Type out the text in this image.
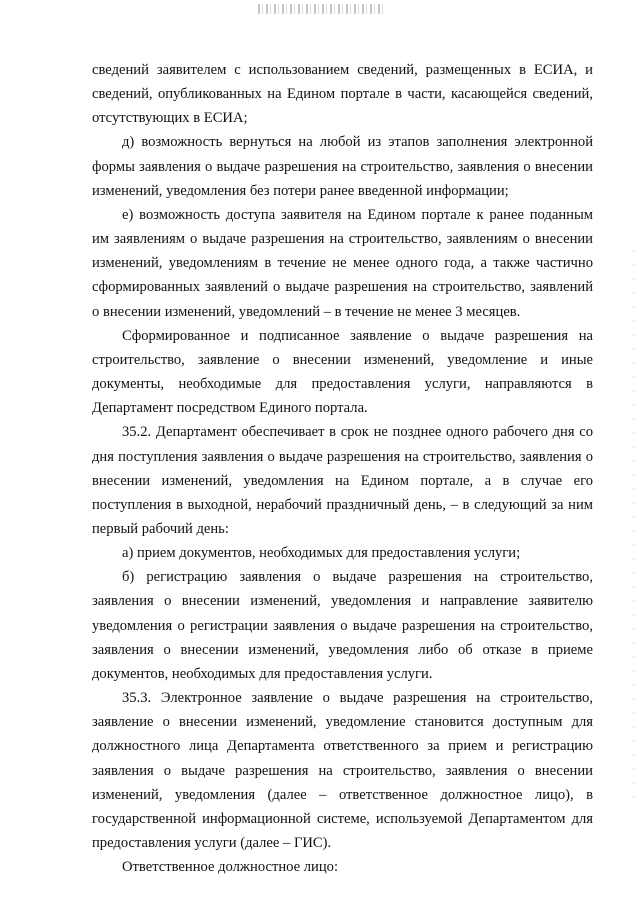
сведений заявителем с использованием сведений, размещенных в ЕСИА, и сведений, опубликованных на Едином портале в части, касающейся сведений, отсутствующих в ЕСИА;

д) возможность вернуться на любой из этапов заполнения электронной формы заявления о выдаче разрешения на строительство, заявления о внесении изменений, уведомления без потери ранее введенной информации;

е) возможность доступа заявителя на Едином портале к ранее поданным им заявлениям о выдаче разрешения на строительство, заявлениям о внесении изменений, уведомлениям в течение не менее одного года, а также частично сформированных заявлений о выдаче разрешения на строительство, заявлений о внесении изменений, уведомлений – в течение не менее 3 месяцев.

Сформированное и подписанное заявление о выдаче разрешения на строительство, заявление о внесении изменений, уведомление и иные документы, необходимые для предоставления услуги, направляются в Департамент посредством Единого портала.

35.2. Департамент обеспечивает в срок не позднее одного рабочего дня со дня поступления заявления о выдаче разрешения на строительство, заявления о внесении изменений, уведомления на Едином портале, а в случае его поступления в выходной, нерабочий праздничный день, – в следующий за ним первый рабочий день:

а) прием документов, необходимых для предоставления услуги;

б) регистрацию заявления о выдаче разрешения на строительство, заявления о внесении изменений, уведомления и направление заявителю уведомления о регистрации заявления о выдаче разрешения на строительство, заявления о внесении изменений, уведомления либо об отказе в приеме документов, необходимых для предоставления услуги.

35.3. Электронное заявление о выдаче разрешения на строительство, заявление о внесении изменений, уведомление становится доступным для должностного лица Департамента ответственного за прием и регистрацию заявления о выдаче разрешения на строительство, заявления о внесении изменений, уведомления (далее – ответственное должностное лицо), в государственной информационной системе, используемой Департаментом для предоставления услуги (далее – ГИС).

Ответственное должностное лицо:
